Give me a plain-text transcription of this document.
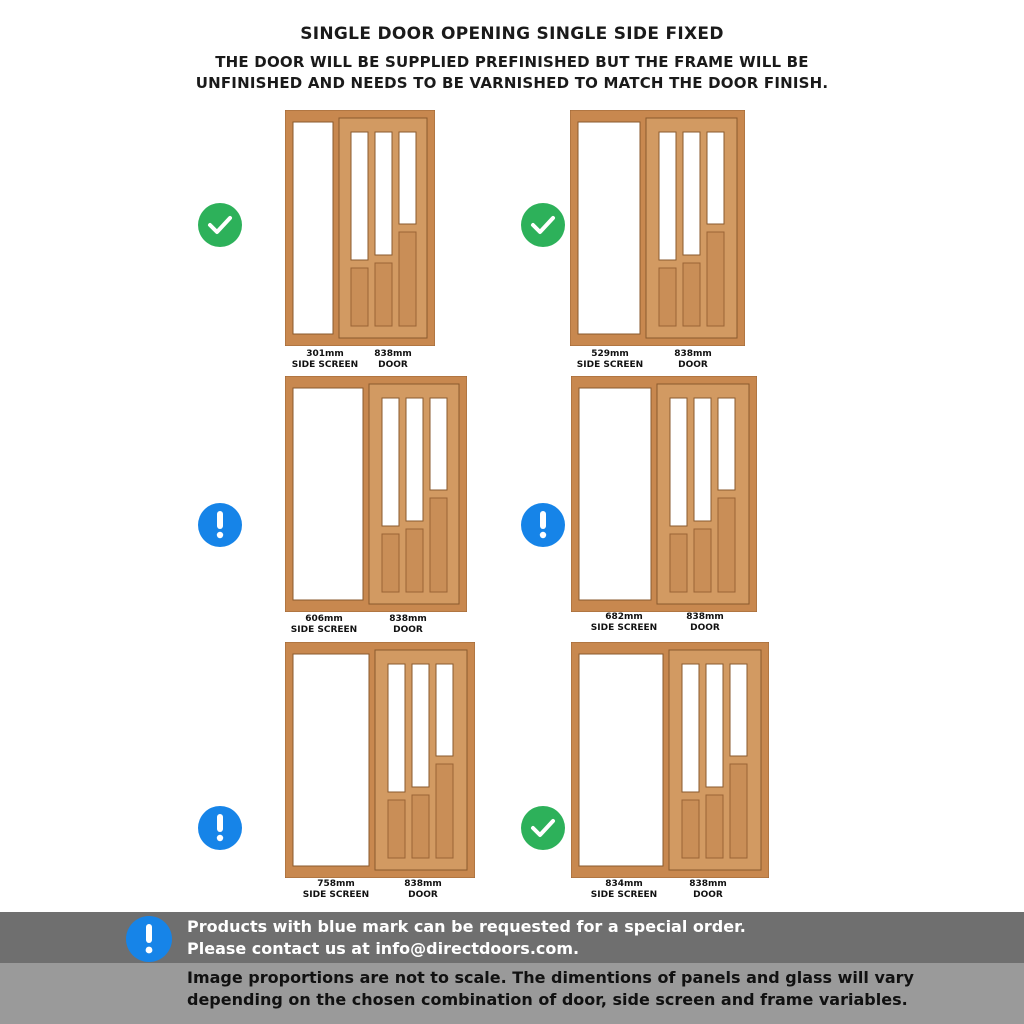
SINGLE DOOR OPENING SINGLE SIDE FIXED
THE DOOR WILL BE SUPPLIED PREFINISHED BUT THE FRAME WILL BE
UNFINISHED AND NEEDS TO BE VARNISHED TO MATCH THE DOOR FINISH.
301mm
SIDE SCREEN
838mm
DOOR
529mm
SIDE SCREEN
838mm
DOOR
606mm
SIDE SCREEN
838mm
DOOR
682mm
SIDE SCREEN
838mm
DOOR
758mm
SIDE SCREEN
838mm
DOOR
834mm
SIDE SCREEN
838mm
DOOR
Products with blue mark can be requested for a special order.
Please contact us at info@directdoors.com.
Image proportions are not to scale. The dimentions of panels and glass will vary
depending on the chosen combination of door, side screen and frame variables.
